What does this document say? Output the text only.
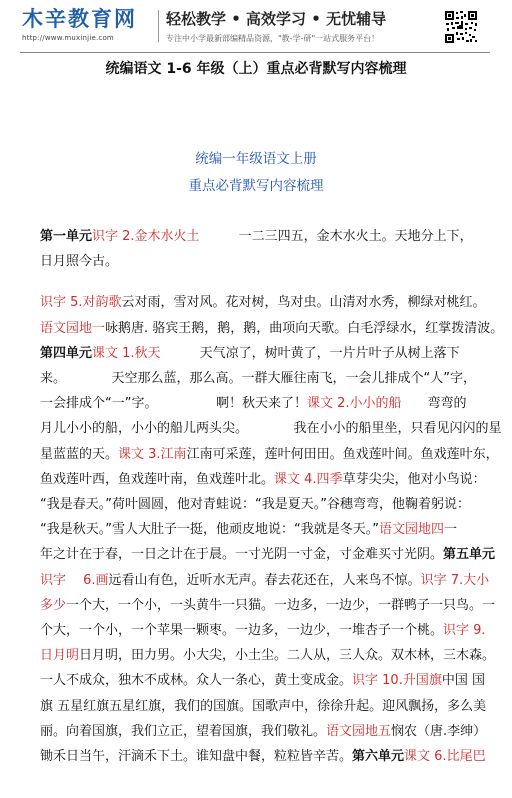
木辛教育网
http://www.muxinjie.com
轻松教学 • 高效学习 • 无忧辅导
专注中小学最新部编精品资源，"教-学-研"一站式服务平台！
统编语文 1-6 年级（上）重点必背默写内容梳理
统编一年级语文上册
重点必背默写内容梳理

第一单元识字 2.金木水火土　　　一二三四五，金木水火土。天地分上下，

日月照今古。

识字 5.对韵歌云对雨，雪对风。花对树，鸟对虫。山清对水秀，柳绿对桃红。

语文园地一咏鹅唐. 骆宾王鹅，鹅，鹅，曲项向天歌。白毛浮绿水，红掌拨清波。

第四单元课文 1.秋天　　　天气凉了，树叶黄了，一片片叶子从树上落下

来。　　　　天空那么蓝，那么高。一群大雁往南飞，一会儿排成个“人”字，

一会排成个“一”字。　　　　　啊！秋天来了！课文 2.小小的船　　弯弯的

月儿小小的船，小小的船儿两头尖。　　　　我在小小的船里坐，只看见闪闪的星

星蓝蓝的天。课文 3.江南江南可采莲，莲叶何田田。鱼戏莲叶间。鱼戏莲叶东，

鱼戏莲叶西，鱼戏莲叶南，鱼戏莲叶北。课文 4.四季草芽尖尖，他对小鸟说：

“我是春天。”荷叶圆圆，他对青蛙说：“我是夏天。”谷穗弯弯，他鞠着躬说：

“我是秋天。”雪人大肚子一挺，他顽皮地说：“我就是冬天。”语文园地四一

年之计在于春，一日之计在于晨。一寸光阴一寸金，寸金难买寸光阴。第五单元

识字　 6.画远看山有色，近听水无声。春去花还在，人来鸟不惊。识字 7.大小

多少一个大，一个小，一头黄牛一只猫。一边多，一边少，一群鸭子一只鸟。一

个大，一个小，一个苹果一颗枣。一边多，一边少，一堆杏子一个桃。识字 9.

日月明日月明，田力男。小大尖，小土尘。二人从，三人众。双木林，三木森。

一人不成众，独木不成林。众人一条心，黄土变成金。识字 10.升国旗中国 国

旗 五星红旗五星红旗，我们的国旗。国歌声中，徐徐升起。迎风飘扬，多么美

丽。向着国旗，我们立正，望着国旗，我们敬礼。语文园地五悯农（唐.李绅）

锄禾日当午，汗滴禾下土。谁知盘中餐，粒粒皆辛苦。第六单元课文 6.比尾巴
